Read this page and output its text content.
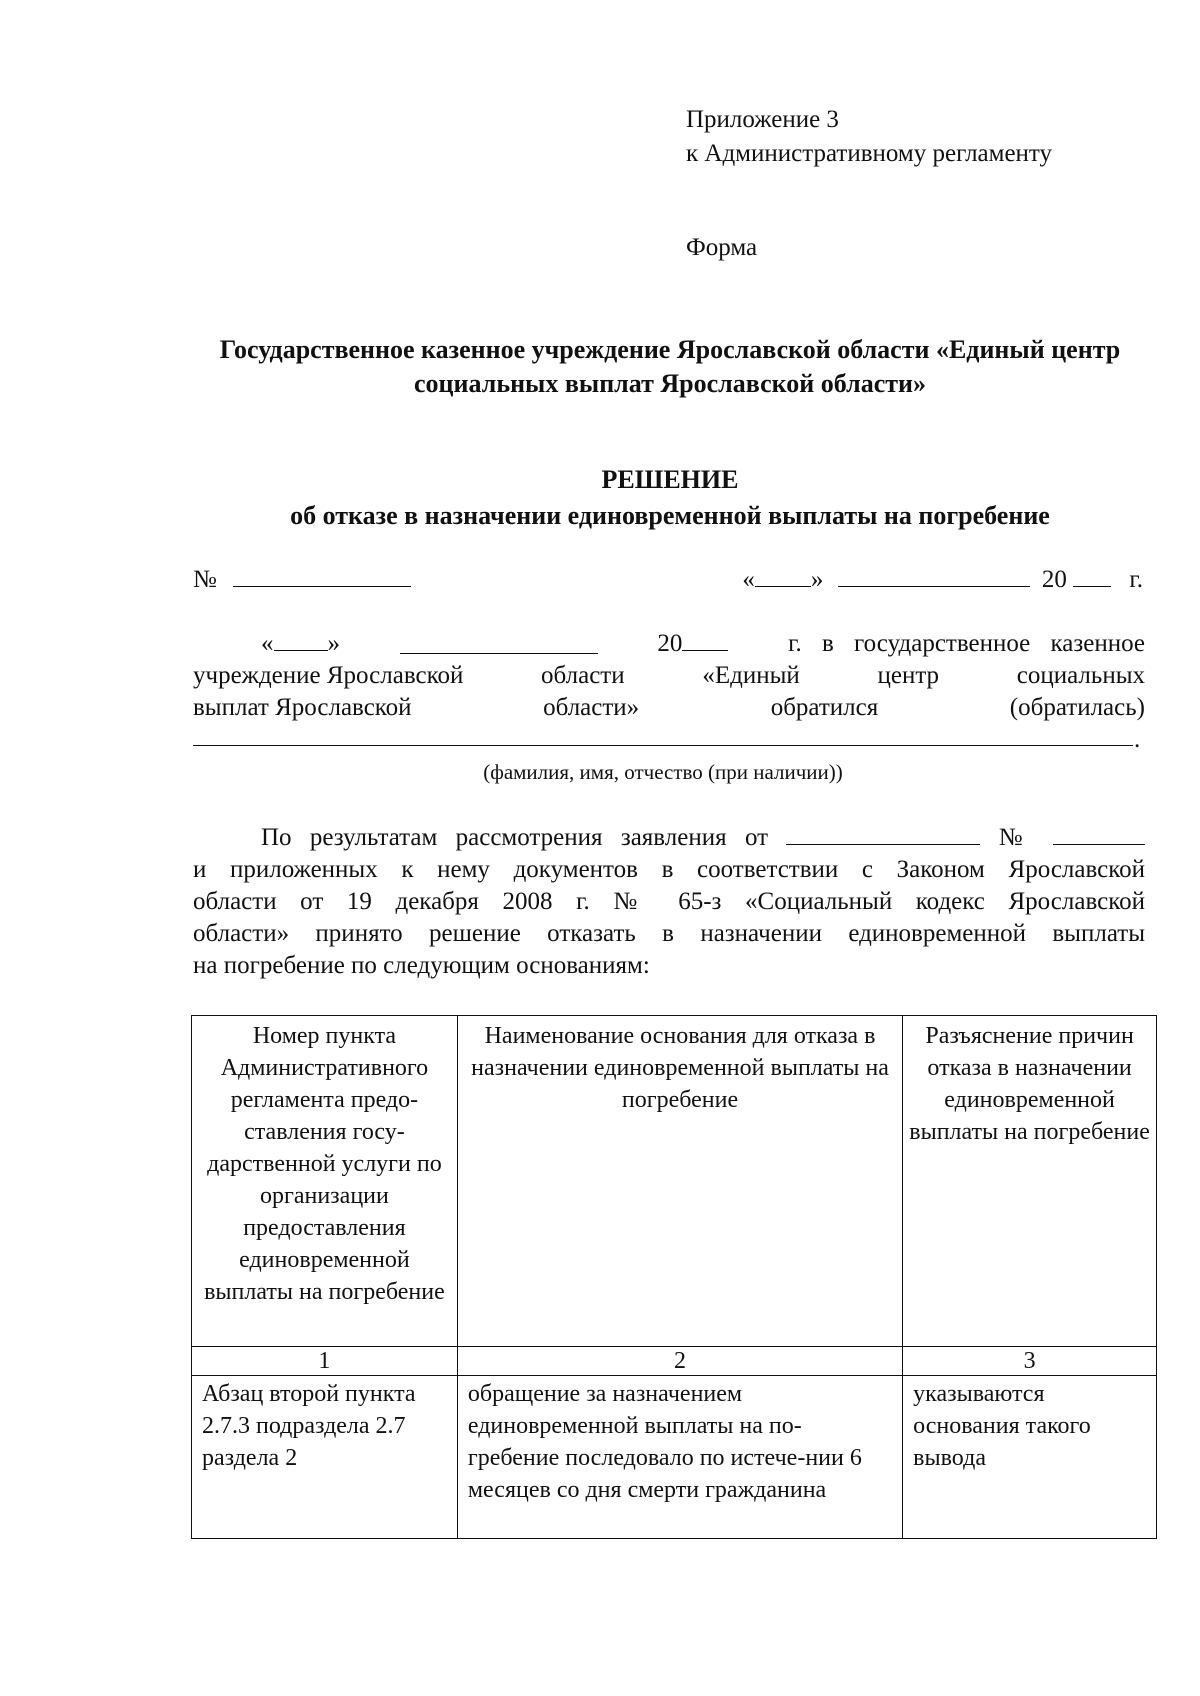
Приложение 3
к Административному регламенту
Форма
Государственное казенное учреждение Ярославской области «Единый центр социальных выплат Ярославской области»
РЕШЕНИЕ
об отказе в назначении единовременной выплаты на погребение
№	« »	20	г.
« »	20	г. в государственное казенное
учреждение Ярославской	области	«Единый	центр	социальных
выплат Ярославской	области»	обратился	(обратилась)
.
(фамилия, имя, отчество (при наличии))

По результатам рассмотрения заявления от	№

и приложенных к нему документов в соответствии с Законом Ярославской

области от 19 декабря 2008 г. № 65-з «Социальный кодекс Ярославской

области» принято решение отказать в назначении единовременной выплаты

на погребение по следующим основаниям:

Номер пункта Административного регламента предо-ставления госу-дарственной услуги по организации предоставления единовременной выплаты на погребение	Наименование основания для отказа в назначении единовременной выплаты на погребение	Разъяснение причин отказа в назначении единовременной выплаты на погребение
1	2	3
Абзац второй пункта 2.7.3 подраздела 2.7 раздела 2	обращение за назначением единовременной выплаты на по-гребение последовало по истече-нии 6 месяцев со дня смерти гражданина	указываются основания такого вывода
